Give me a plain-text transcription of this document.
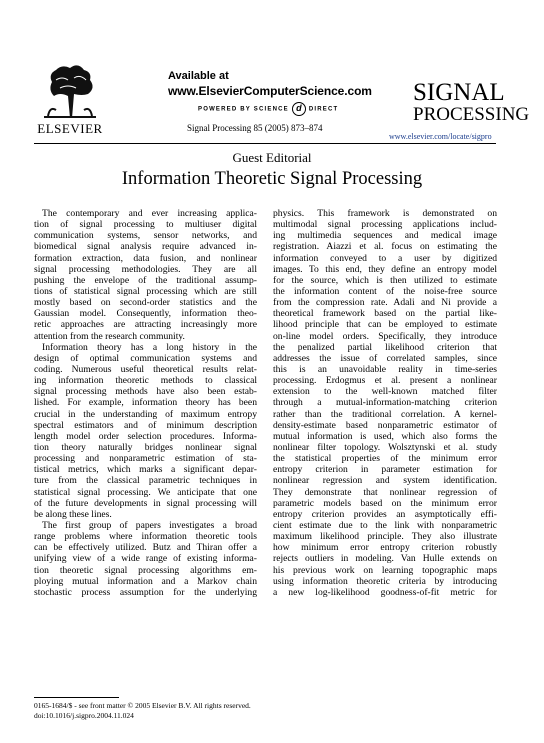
ELSEVIER
Available at
www.ElsevierComputerScience.com
POWERED BY SCIENCE d DIRECT
Signal Processing 85 (2005) 873–874
SIGNAL
PROCESSING
www.elsevier.com/locate/sigpro
Guest Editorial
Information Theoretic Signal Processing
The contemporary and ever increasing applica-
tion of signal processing to multiuser digital
communication systems, sensor networks, and
biomedical signal analysis require advanced in-
formation extraction, data fusion, and nonlinear
signal processing methodologies. They are all
pushing the envelope of the traditional assump-
tions of statistical signal processing which are still
mostly based on second-order statistics and the
Gaussian model. Consequently, information theo-
retic approaches are attracting increasingly more
attention from the research community.
Information theory has a long history in the
design of optimal communication systems and
coding. Numerous useful theoretical results relat-
ing information theoretic methods to classical
signal processing methods have also been estab-
lished. For example, information theory has been
crucial in the understanding of maximum entropy
spectral estimators and of minimum description
length model order selection procedures. Informa-
tion theory naturally bridges nonlinear signal
processing and nonparametric estimation of sta-
tistical metrics, which marks a significant depar-
ture from the classical parametric techniques in
statistical signal processing. We anticipate that one
of the future developments in signal processing will
be along these lines.
The first group of papers investigates a broad
range problems where information theoretic tools
can be effectively utilized. Butz and Thiran offer a
unifying view of a wide range of existing informa-
tion theoretic signal processing algorithms em-
ploying mutual information and a Markov chain
stochastic process assumption for the underlying
physics. This framework is demonstrated on
multimodal signal processing applications includ-
ing multimedia sequences and medical image
registration. Aiazzi et al. focus on estimating the
information conveyed to a user by digitized
images. To this end, they define an entropy model
for the source, which is then utilized to estimate
the information content of the noise-free source
from the compression rate. Adali and Ni provide a
theoretical framework based on the partial like-
lihood principle that can be employed to estimate
on-line model orders. Specifically, they introduce
the penalized partial likelihood criterion that
addresses the issue of correlated samples, since
this is an unavoidable reality in time-series
processing. Erdogmus et al. present a nonlinear
extension to the well-known matched filter
through a mutual-information-matching criterion
rather than the traditional correlation. A kernel-
density-estimate based nonparametric estimator of
mutual information is used, which also forms the
nonlinear filter topology. Wolsztynski et al. study
the statistical properties of the minimum error
entropy criterion in parameter estimation for
nonlinear regression and system identification.
They demonstrate that nonlinear regression of
parametric models based on the minimum error
entropy criterion provides an asymptotically effi-
cient estimate due to the link with nonparametric
maximum likelihood principle. They also illustrate
how minimum error entropy criterion robustly
rejects outliers in modeling. Van Hulle extends on
his previous work on learning topographic maps
using information theoretic criteria by introducing
a new log-likelihood goodness-of-fit metric for
0165-1684/$ - see front matter © 2005 Elsevier B.V. All rights reserved.
doi:10.1016/j.sigpro.2004.11.024
